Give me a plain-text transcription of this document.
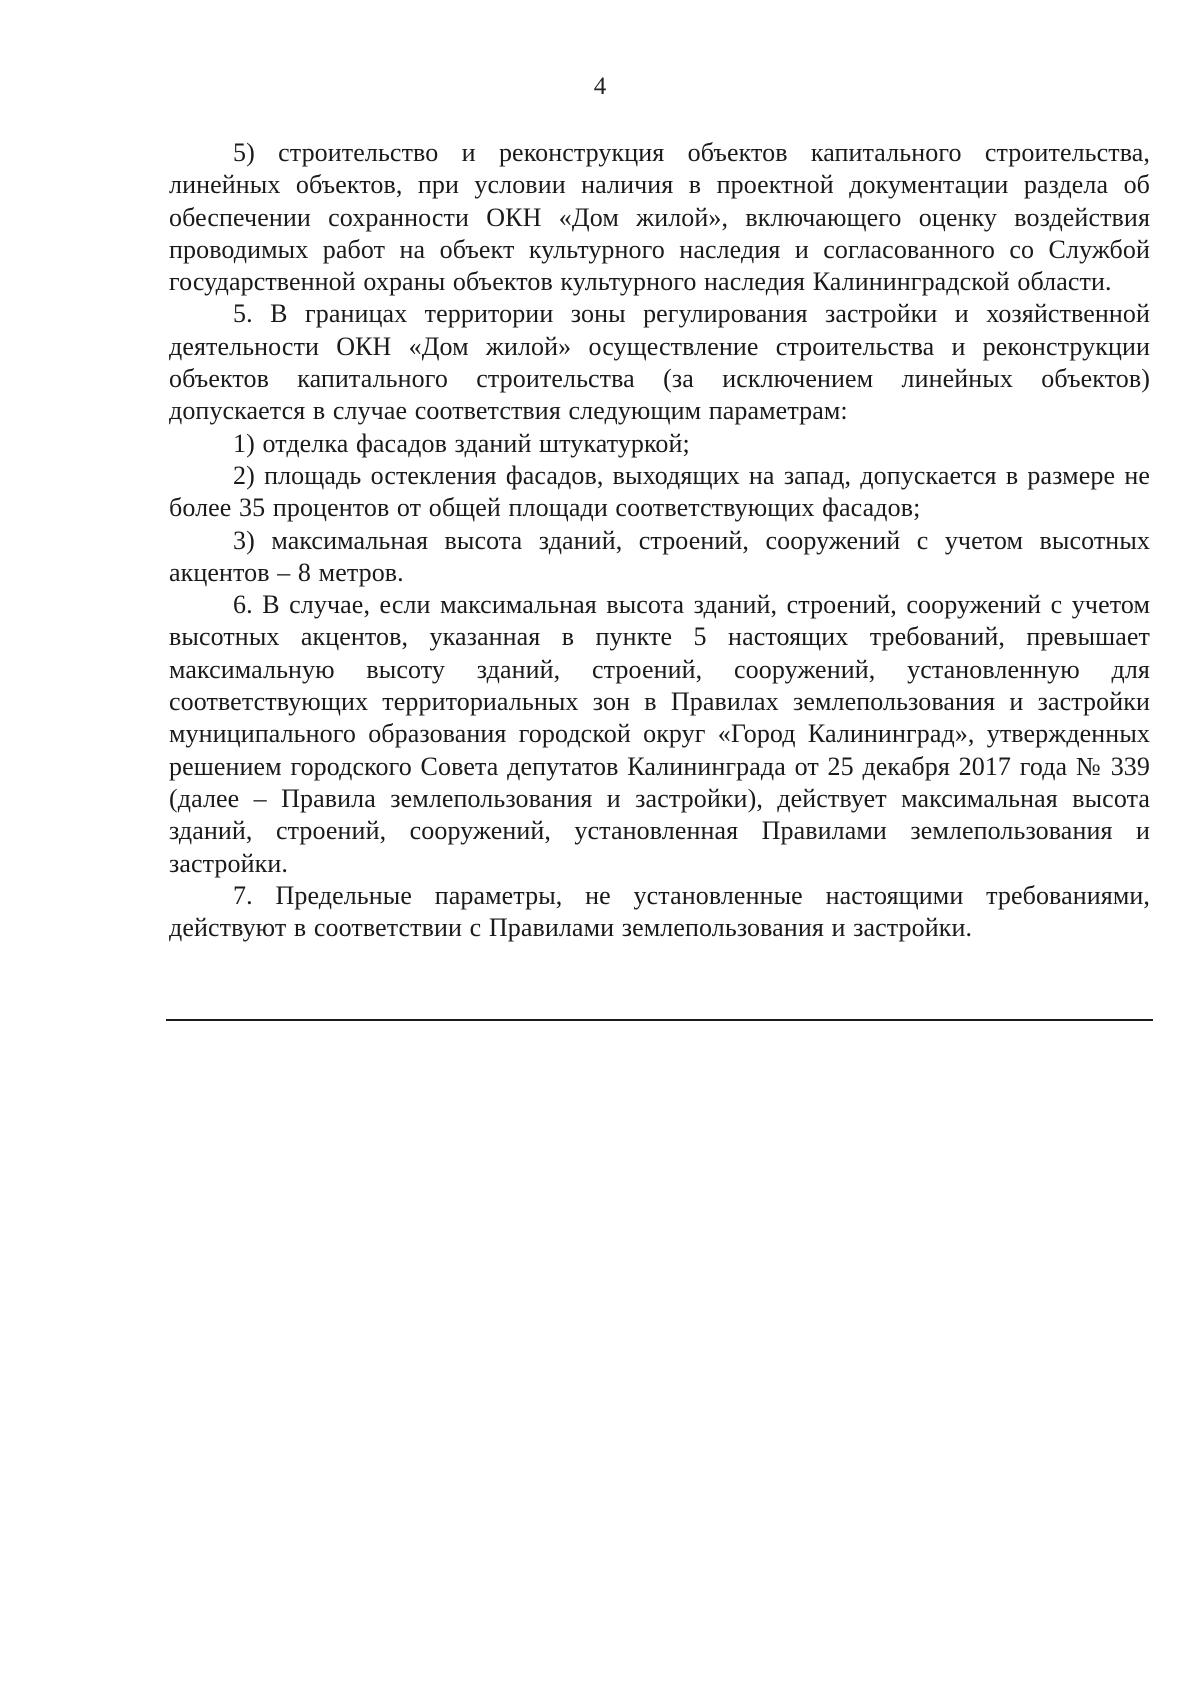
4

5) строительство и реконструкция объектов капитального строительства, линейных объектов, при условии наличия в проектной документации раздела об обеспечении сохранности ОКН «Дом жилой», включающего оценку воздействия проводимых работ на объект культурного наследия и согласованного со Службой государственной охраны объектов культурного наследия Калининградской области.

5. В границах территории зоны регулирования застройки и хозяйственной деятельности ОКН «Дом жилой» осуществление строительства и реконструкции объектов капитального строительства (за исключением линейных объектов) допускается в случае соответствия следующим параметрам:

1) отделка фасадов зданий штукатуркой;

2) площадь остекления фасадов, выходящих на запад, допускается в размере не более 35 процентов от общей площади соответствующих фасадов;

3) максимальная высота зданий, строений, сооружений с учетом высотных акцентов – 8 метров.

6. В случае, если максимальная высота зданий, строений, сооружений с учетом высотных акцентов, указанная в пункте 5 настоящих требований, превышает максимальную высоту зданий, строений, сооружений, установленную для соответствующих территориальных зон в Правилах землепользования и застройки муниципального образования городской округ «Город Калининград», утвержденных решением городского Совета депутатов Калининграда от 25 декабря 2017 года № 339 (далее – Правила землепользования и застройки), действует максимальная высота зданий, строений, сооружений, установленная Правилами землепользования и застройки.

7. Предельные параметры, не установленные настоящими требованиями, действуют в соответствии с Правилами землепользования и застройки.
